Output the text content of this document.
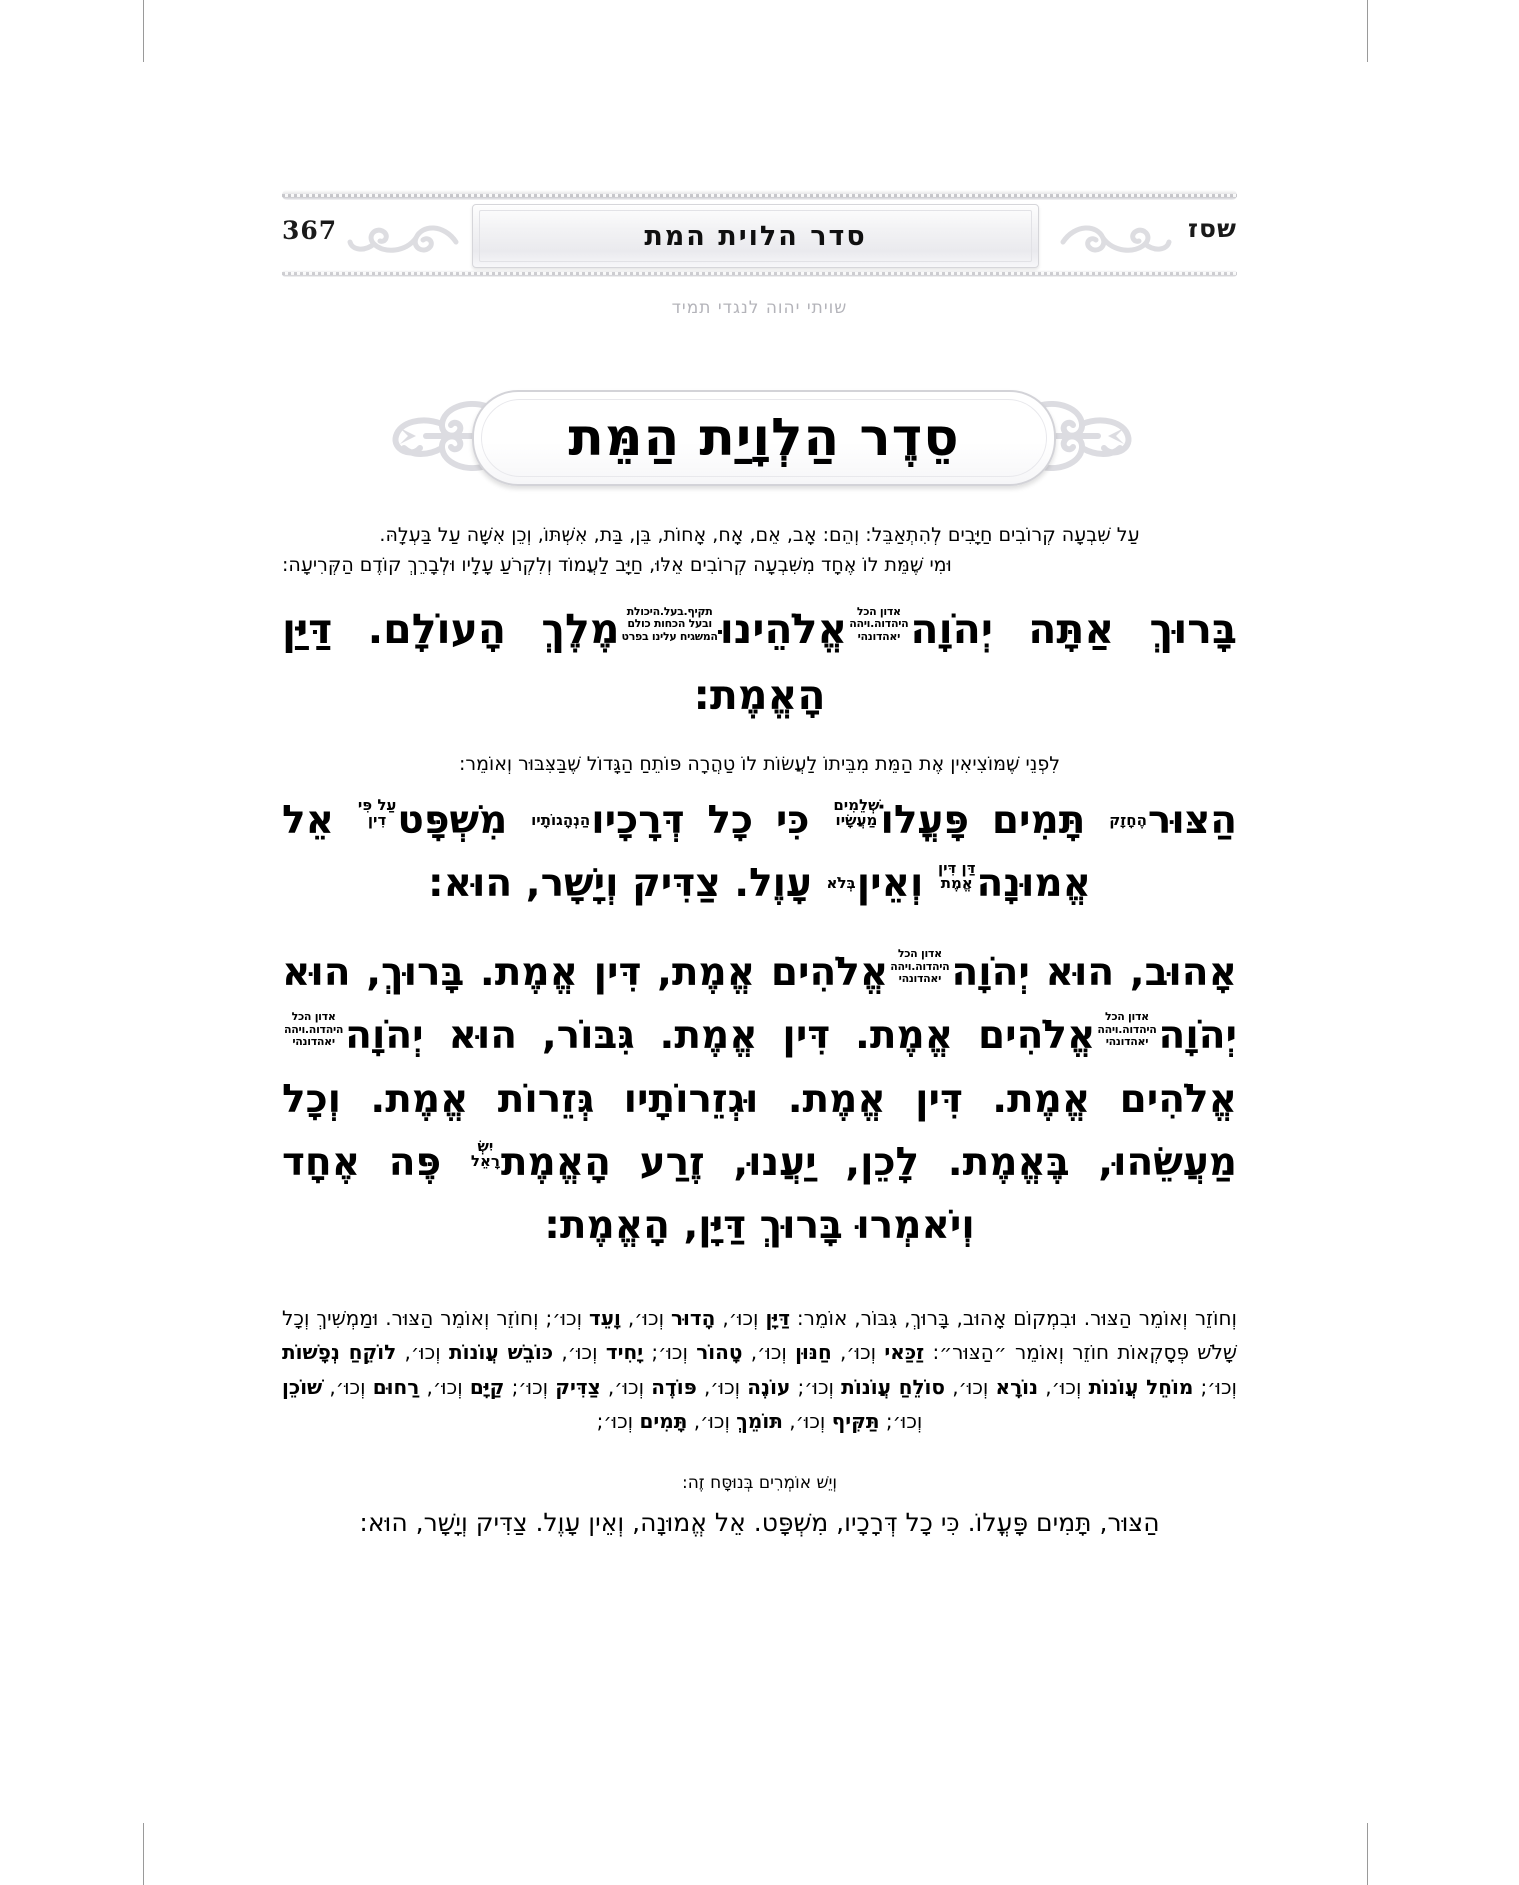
367	שסז
סדר הלוית המת
שויתי יהוה לנגדי תמיד
סֵדֶר הַלְוָיַת הַמֵּת

עַל שִׁבְעָה קְרוֹבִים חַיָּבִים לְהִתְאַבֵּל: וְהֵם: אָב, אֵם, אָח, אָחוֹת, בֵּן, בַּת, אִשְׁתּוֹ, וְכֵן אִשָּׁה עַל בַּעְלָהּ.

וּמִי שֶׁמֵּת לוֹ אֶחָד מִשִּׁבְעָה קְרוֹבִים אֵלּוּ, חַיָּב לַעֲמוֹד וְלִקְרֹעַ עָלָיו וּלְבָרֵךְ קוֹדֶם הַקְּרִיעָה:

בָּרוּךְ אַתָּה יְהֹוָה
אדון הכל
היהדוה.ויהה
יאהדונהי
אֱלֹהֵינוּ
תקיף.בעל.היכולת
ובעל הכחות כולם
המשגיח עלינו בפרט
מֶלֶךְ הָעוֹלָם. דַּיַּן הָאֱמֶת:

לִפְנֵי שֶׁמּוֹצִיאִין אֶת הַמֵּת מִבֵּיתוֹ לַעֲשׂוֹת לוֹ טַהֲרָה פּוֹתֵחַ הַגָּדוֹל שֶׁבַּצִּבּוּר וְאוֹמֵר:

הַצּוּרהֶחָזָק תָּמִים פָּעֳלוֹשְׁלֵמִים
מַעֲשָׂיו
כִּי כָל דְּרָכָיוהַנְהָגוֹתָיו מִשְׁפָּטעַל פִּי
דִין
אֵל אֱמוּנָהדַּן דִּין
אֱמֶת
וְאֵיןבְּלֹא עָוֶל. צַדִּיק וְיָשָׁר, הוּא:

אָהוּב, הוּא יְהֹוָה
אדון הכל
היהדוה.ויהה
יאהדונהי
אֱלֹהִים אֱמֶת, דִּין אֱמֶת. בָּרוּךְ, הוּא יְהֹוָה
אדון הכל
היהדוה.ויהה
יאהדונהי
אֱלֹהִים אֱמֶת. דִּין אֱמֶת. גִּבּוֹר, הוּא יְהֹוָה
אדון הכל
היהדוה.ויהה
יאהדונהי
אֱלֹהִים אֱמֶת. דִּין אֱמֶת. וּגְזֵרוֹתָיו גְּזֵרוֹת אֱמֶת. וְכָל מַעֲשֵׂהוּ, בֶּאֱמֶת. לָכֵן, יַעֲנוּ, זֶרַע הָאֱמֶתיִשְׂ
רָאֵל
פֶּה אֶחָד וְיֹאמְרוּ בָּרוּךְ דַּיָּן, הָאֱמֶת:

וְחוֹזֵר וְאוֹמֵר הַצּוּר. וּבִמְקוֹם אָהוּב, בָּרוּךְ, גִּבּוֹר, אוֹמֵר: דַּיָּן וְכוּ׳, הָדוּר וְכוּ׳, וָעֵד וְכוּ׳; וְחוֹזֵר וְאוֹמֵר הַצּוּר. וּמַמְשִׁיךְ וְכָל שָׁלֹשׁ פְּסָקְאוֹת חוֹזֵר וְאוֹמֵר ״הַצּוּר״: זַכַּאי וְכוּ׳, חַנּוּן וְכוּ׳, טָהוֹר וְכוּ׳; יָחִיד וְכוּ׳, כּוֹבֵשׁ עֲוֹנוֹת וְכוּ׳, לוֹקֵחַ נְפָשׁוֹת וְכוּ׳; מוֹחֵל עֲוֹנוֹת וְכוּ׳, נוֹרָא וְכוּ׳, סוֹלֵחַ עֲוֹנוֹת וְכוּ׳; עוֹנֶה וְכוּ׳, פּוֹדֶה וְכוּ׳, צַדִּיק וְכוּ׳; קַיָּם וְכוּ׳, רַחוּם וְכוּ׳, שׁוֹכֵן וְכוּ׳; תַּקִּיף וְכוּ׳, תּוֹמֵךְ וְכוּ׳, תָּמִים וְכוּ׳;

וְיֵשׁ אוֹמְרִים בְּנוּסָּח זֶה:

הַצּוּר, תָּמִים פָּעֳלוֹ. כִּי כָל דְּרָכָיו, מִשְׁפָּט. אֵל אֱמוּנָה, וְאֵין עָוֶל. צַדִּיק וְיָשָׁר, הוּא:
